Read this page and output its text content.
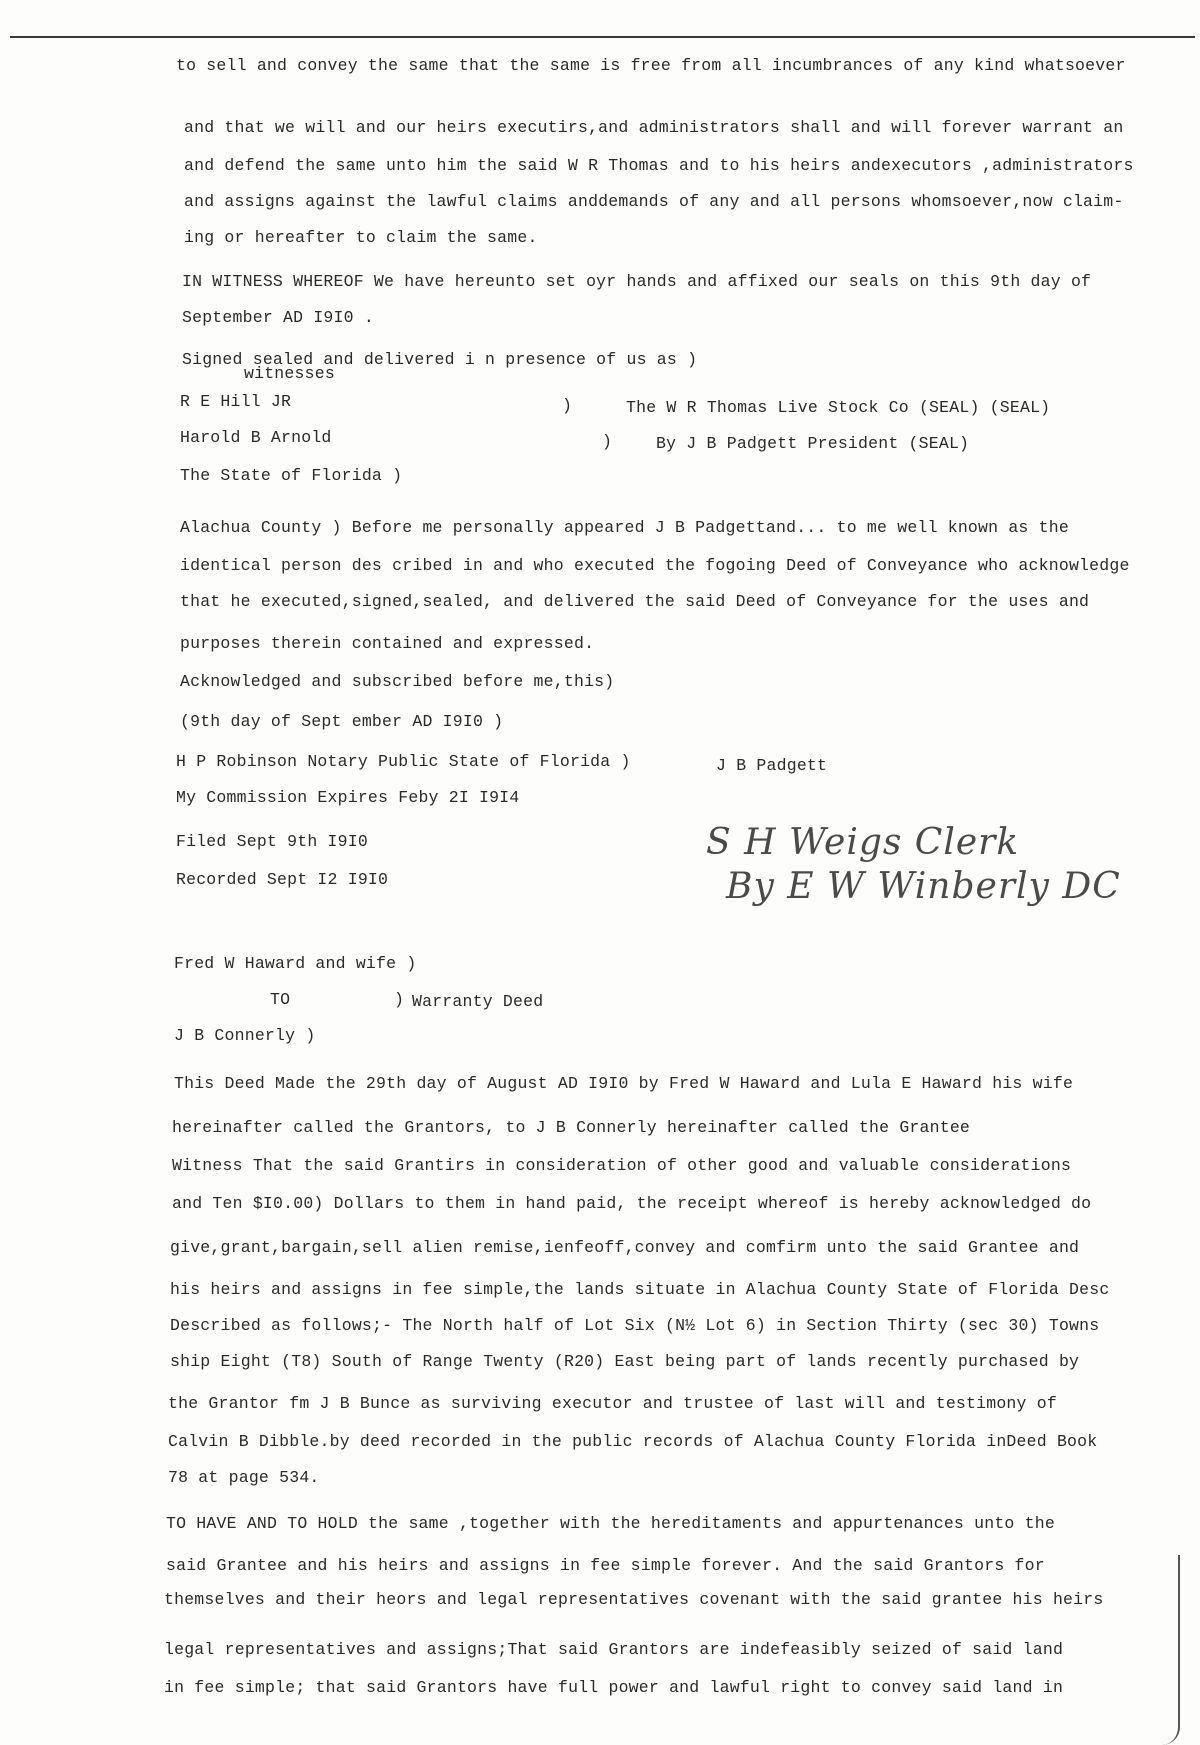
to sell and convey the same that the same is free from all incumbrances of any kind whatsoever
and that we will and our heirs executirs,and administrators shall and will forever warrant an
and defend the same unto him the said W R Thomas and to his heirs andexecutors ,administrators
and assigns against the lawful claims anddemands of any and all persons whomsoever,now claim-
ing or hereafter to claim the same.
IN WITNESS WHEREOF We have hereunto set oyr hands and affixed our seals on this 9th day of
September AD I9I0 .
Signed sealed and delivered i n presence of us as )
witnesses
R E Hill JR	)	The W R Thomas Live Stock Co (SEAL) (SEAL)
Harold B Arnold	)	By J B Padgett President (SEAL)
The State of Florida )
Alachua County ) Before me personally appeared J B Padgettand... to me well known as the
identical person des cribed in and who executed the fogoing Deed of Conveyance who acknowledge
that he executed,signed,sealed, and delivered the said Deed of Conveyance for the uses and
purposes therein contained and expressed.
Acknowledged and subscribed before me,this)
(9th day of Sept ember AD I9I0 )
H P Robinson Notary Public State of Florida )	J B Padgett
My Commission Expires Feby 2I I9I4
Filed Sept 9th I9I0
Recorded Sept I2 I9I0
S H Weigs Clerk
By E W Winberly DC
Fred W Haward and wife )
TO	) Warranty Deed
J B Connerly )
This Deed Made the 29th day of August AD I9I0 by Fred W Haward and Lula E Haward his wife
hereinafter called the Grantors, to J B Connerly hereinafter called the Grantee
Witness That the said Grantirs in consideration of other good and valuable considerations
and Ten $I0.00) Dollars to them in hand paid, the receipt whereof is hereby acknowledged do
give,grant,bargain,sell alien remise,ienfeoff,convey and comfirm unto the said Grantee and
his heirs and assigns in fee simple,the lands situate in Alachua County State of Florida Desc
Described as follows;- The North half of Lot Six (N½ Lot 6) in Section Thirty (sec 30) Towns
ship Eight (T8) South of Range Twenty (R20) East being part of lands recently purchased by
the Grantor fm J B Bunce as surviving executor and trustee of last will and testimony of
Calvin B Dibble.by deed recorded in the public records of Alachua County Florida inDeed Book
78 at page 534.
TO HAVE AND TO HOLD the same ,together with the hereditaments and appurtenances unto the
said Grantee and his heirs and assigns in fee simple forever. And the said Grantors for
themselves and their heors and legal representatives covenant with the said grantee his heirs
legal representatives and assigns;That said Grantors are indefeasibly seized of said land
in fee simple; that said Grantors have full power and lawful right to convey said land in
